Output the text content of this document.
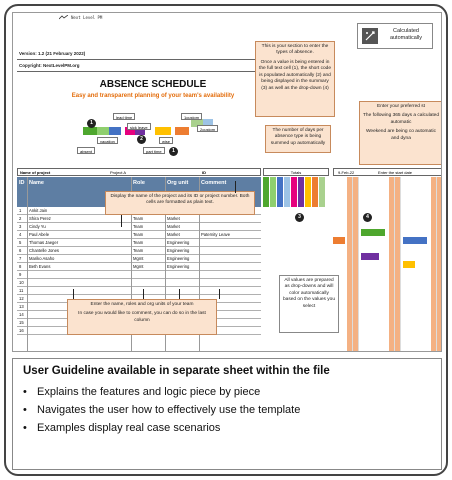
Next Level PM
Version: 1.2 (21 February 2022)
Copyright: NextLevelPM.org
ABSENCE SCHEDULE
Easy and transparent planning of your team's availability
lead time
sick leave
1custom
2custom
vacation	wise
absent	part time
1
2
1
Calculated automatically

This is your section to enter the types of absence.

Once a value is being entered in the full text cell (1), the short code is populated automatically (2) and being displayed in the summary (3) as well as the drop-down (4)

The number of days per absence type is being summed up automatically

Enter your preferred st

The following 365 days a calculated automatic

Weekend are being co automatic and dyna

Name of project	Project A	ID
ID Name	Role	Org unit Comment
1 Ankit Jain
2 Shira Perez	Team	Market
3 Cindy Yu	Team	Market
4 Paul Abele	Team	Market	Paternity Leave
5 Thomas Jaeger	Team	Engineering
6 Chantelle Jones	Team	Engineering
7 Mariko Asaho	Mgmt	Engineering
8 Beth Evans	Mgmt	Engineering
9
10
11
12
13
14
15
16

Display the name of the project and its ID or project number. Both cells are formatted as plain text.

Enter the name, roles and org units of your team

In case you would like to comment, you can do so in the last column

Totals
3
9-Feb-22	Enter the start date
4

All values are prepared as drop-downs and will color automatically based on the values you select

User Guideline available in separate sheet within the file
• Explains the features and logic piece by piece
• Navigates the user how to effectively use the template
• Examples display real case scenarios
